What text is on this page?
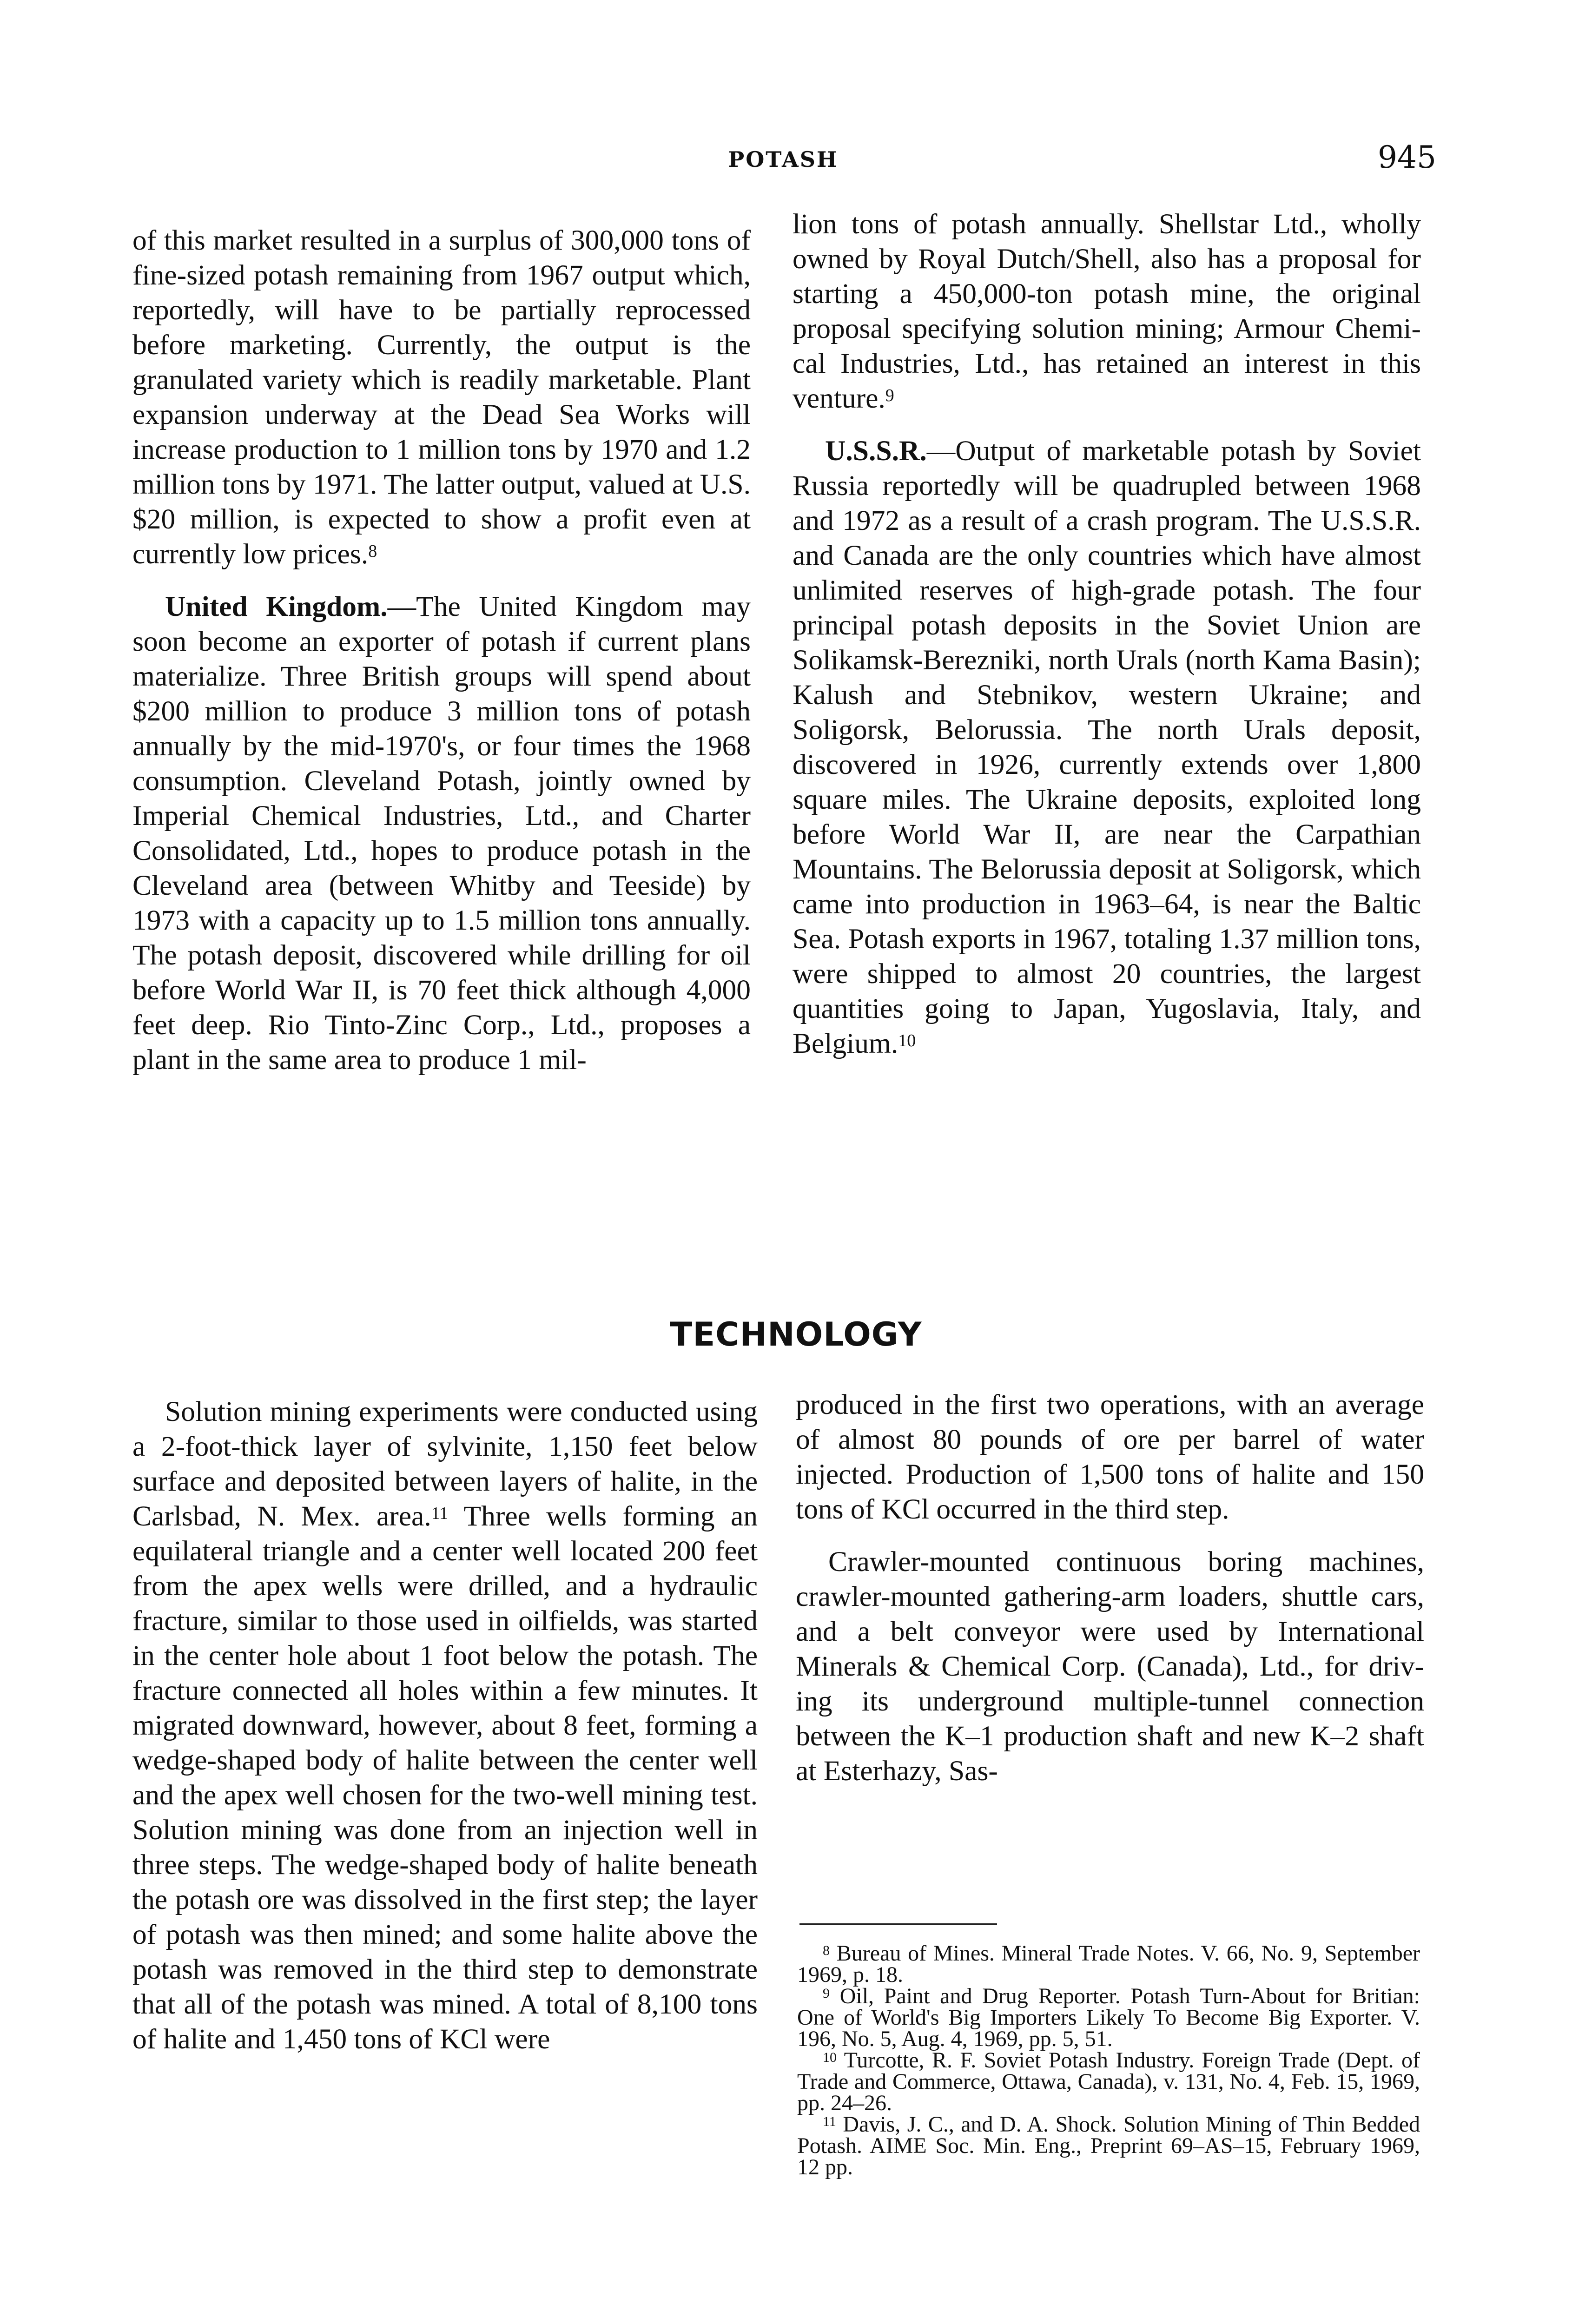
POTASH	945

of this market resulted in a surplus of 300,000 tons of fine-sized potash remaining from 1967 output which, reportedly, will have to be partially reprocessed before marketing. Currently, the output is the granulated variety which is readily marketable. Plant expansion underway at the Dead Sea Works will increase production to 1 million tons by 1970 and 1.2 million tons by 1971. The latter output, valued at U.S. $20 million, is expected to show a profit even at currently low prices.$^8$

United Kingdom.—The United Kingdom may soon become an exporter of potash if current plans materialize. Three British groups will spend about $200 million to produce 3 million tons of potash annually by the mid-1970's, or four times the 1968 consumption. Cleveland Potash, jointly owned by Imperial Chemical Industries, Ltd., and Charter Consolidated, Ltd., hopes to produce potash in the Cleveland area (between Whitby and Teeside) by 1973 with a capacity up to 1.5 million tons annually. The potash deposit, discovered while drilling for oil before World War II, is 70 feet thick although 4,000 feet deep. Rio Tinto-Zinc Corp., Ltd., proposes a plant in the same area to produce 1 mil-

lion tons of potash annually. Shellstar Ltd., wholly owned by Royal Dutch/Shell, also has a proposal for starting a 450,000-ton potash mine, the original proposal specifying solution mining; Armour Chemical Industries, Ltd., has retained an interest in this venture.$^9$

U.S.S.R.—Output of marketable potash by Soviet Russia reportedly will be quadrupled between 1968 and 1972 as a result of a crash program. The U.S.S.R. and Canada are the only countries which have almost unlimited reserves of high-grade potash. The four principal potash deposits in the Soviet Union are Solikamsk-Berezniki, north Urals (north Kama Basin); Kalush and Stebnikov, western Ukraine; and Soligorsk, Belorussia. The north Urals deposit, discovered in 1926, currently extends over 1,800 square miles. The Ukraine deposits, exploited long before World War II, are near the Carpathian Mountains. The Belorussia deposit at Soligorsk, which came into production in 1963–64, is near the Baltic Sea. Potash exports in 1967, totaling 1.37 million tons, were shipped to almost 20 countries, the largest quantities going to Japan, Yugoslavia, Italy, and Belgium.$^{10}$

TECHNOLOGY

Solution mining experiments were conducted using a 2-foot-thick layer of sylvinite, 1,150 feet below surface and deposited between layers of halite, in the Carlsbad, N. Mex. area.$^{11}$ Three wells forming an equilateral triangle and a center well located 200 feet from the apex wells were drilled, and a hydraulic fracture, similar to those used in oilfields, was started in the center hole about 1 foot below the potash. The fracture connected all holes within a few minutes. It migrated downward, however, about 8 feet, forming a wedge-shaped body of halite between the center well and the apex well chosen for the two-well mining test. Solution mining was done from an injection well in three steps. The wedge-shaped body of halite beneath the potash ore was dissolved in the first step; the layer of potash was then mined; and some halite above the potash was removed in the third step to demonstrate that all of the potash was mined. A total of 8,100 tons of halite and 1,450 tons of KCl were

produced in the first two operations, with an average of almost 80 pounds of ore per barrel of water injected. Production of 1,500 tons of halite and 150 tons of KCl occurred in the third step.

Crawler-mounted continuous boring machines, crawler-mounted gathering-arm loaders, shuttle cars, and a belt conveyor were used by International Minerals & Chemical Corp. (Canada), Ltd., for driving its underground multiple-tunnel connection between the K–1 production shaft and new K–2 shaft at Esterhazy, Sas-

$^8$ Bureau of Mines. Mineral Trade Notes. V. 66, No. 9, September 1969, p. 18.

$^9$ Oil, Paint and Drug Reporter. Potash Turn-About for Britian: One of World's Big Importers Likely To Become Big Exporter. V. 196, No. 5, Aug. 4, 1969, pp. 5, 51.

$^{10}$ Turcotte, R. F. Soviet Potash Industry. Foreign Trade (Dept. of Trade and Commerce, Ottawa, Canada), v. 131, No. 4, Feb. 15, 1969, pp. 24–26.

$^{11}$ Davis, J. C., and D. A. Shock. Solution Mining of Thin Bedded Potash. AIME Soc. Min. Eng., Preprint 69–AS–15, February 1969, 12 pp.
